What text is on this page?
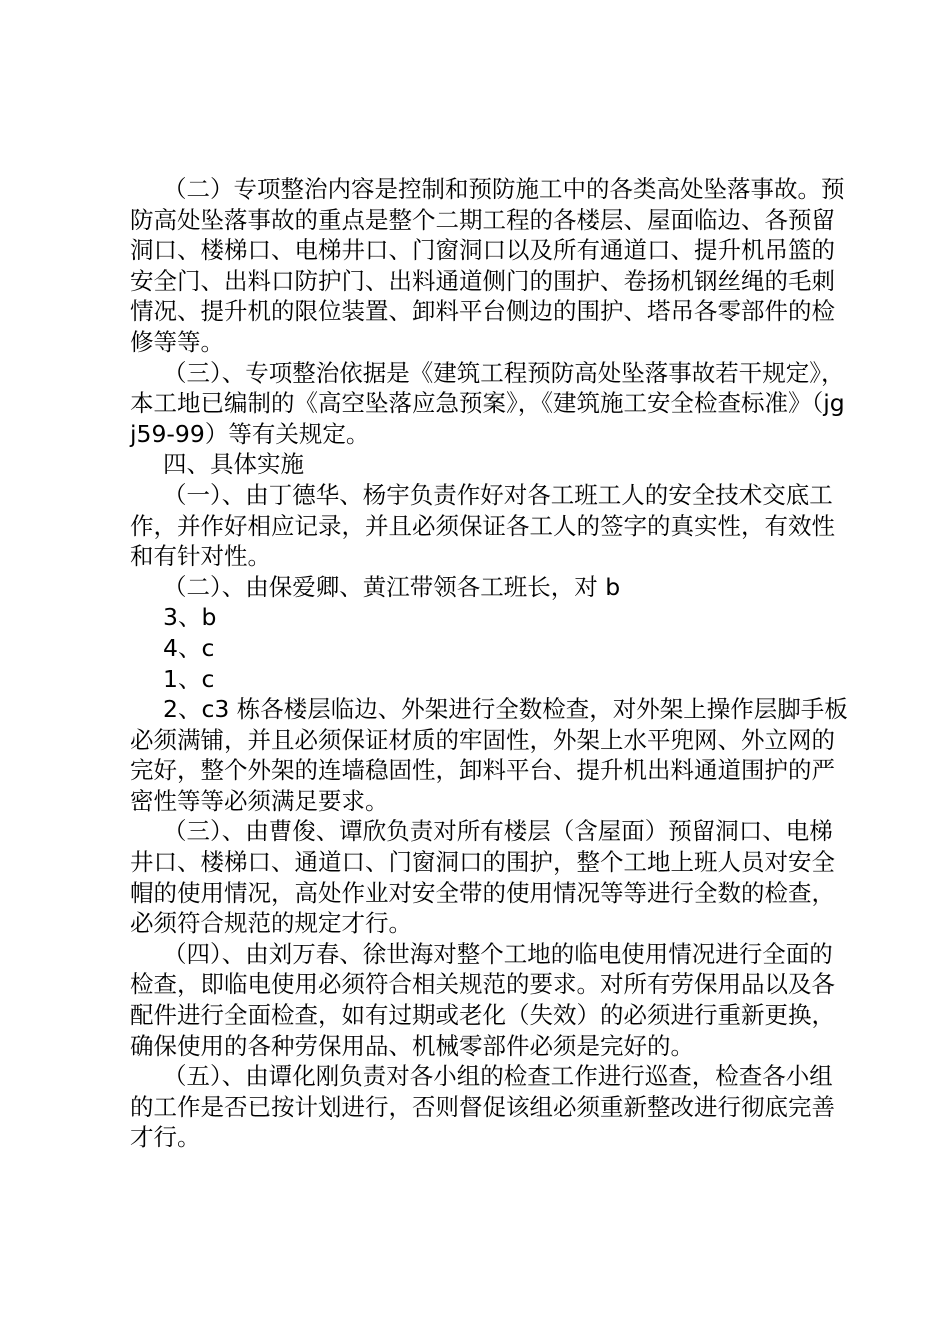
（二）专项整治内容是控制和预防施工中的各类高处坠落事故。预防高处坠落事故的重点是整个二期工程的各楼层、屋面临边、各预留洞口、楼梯口、电梯井口、门窗洞口以及所有通道口、提升机吊篮的安全门、出料口防护门、出料通道侧门的围护、卷扬机钢丝绳的毛刺情况、提升机的限位装置、卸料平台侧边的围护、塔吊各零部件的检修等等。

（三）、专项整治依据是《建筑工程预防高处坠落事故若干规定》，本工地已编制的《高空坠落应急预案》，《建筑施工安全检查标准》（jgj59-99）等有关规定。

四、具体实施

（一）、由丁德华、杨宇负责作好对各工班工人的安全技术交底工作，并作好相应记录，并且必须保证各工人的签字的真实性，有效性和有针对性。

（二）、由保爱卿、黄江带领各工班长，对 b

3、b

4、c

1、c

2、c3 栋各楼层临边、外架进行全数检查，对外架上操作层脚手板必须满铺，并且必须保证材质的牢固性，外架上水平兜网、外立网的完好，整个外架的连墙稳固性，卸料平台、提升机出料通道围护的严密性等等必须满足要求。

（三）、由曹俊、谭欣负责对所有楼层（含屋面）预留洞口、电梯井口、楼梯口、通道口、门窗洞口的围护，整个工地上班人员对安全帽的使用情况，高处作业对安全带的使用情况等等进行全数的检查，必须符合规范的规定才行。

（四）、由刘万春、徐世海对整个工地的临电使用情况进行全面的检查，即临电使用必须符合相关规范的要求。对所有劳保用品以及各配件进行全面检查，如有过期或老化（失效）的必须进行重新更换，确保使用的各种劳保用品、机械零部件必须是完好的。

（五）、由谭化刚负责对各小组的检查工作进行巡查，检查各小组的工作是否已按计划进行，否则督促该组必须重新整改进行彻底完善才行。
